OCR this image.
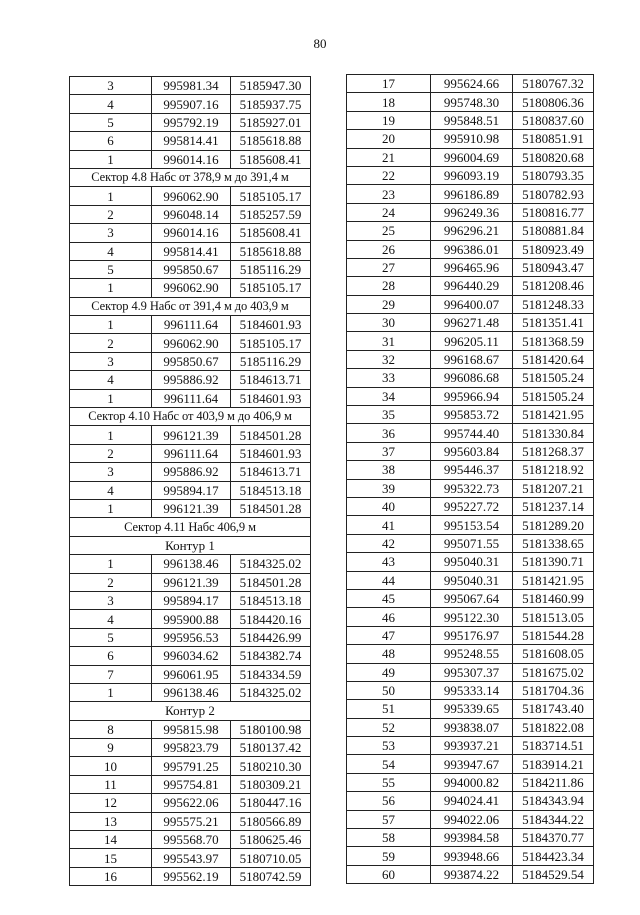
80
3	995981.34	5185947.30
4	995907.16	5185937.75
5	995792.19	5185927.01
6	995814.41	5185618.88
1	996014.16	5185608.41
Сектор 4.8 Набс от 378,9 м до 391,4 м		
1	996062.90	5185105.17
2	996048.14	5185257.59
3	996014.16	5185608.41
4	995814.41	5185618.88
5	995850.67	5185116.29
1	996062.90	5185105.17
Сектор 4.9 Набс от 391,4 м до 403,9 м		
1	996111.64	5184601.93
2	996062.90	5185105.17
3	995850.67	5185116.29
4	995886.92	5184613.71
1	996111.64	5184601.93
Сектор 4.10 Набс от 403,9 м до 406,9 м		
1	996121.39	5184501.28
2	996111.64	5184601.93
3	995886.92	5184613.71
4	995894.17	5184513.18
1	996121.39	5184501.28
Сектор 4.11 Набс 406,9 м		
Контур 1		
1	996138.46	5184325.02
2	996121.39	5184501.28
3	995894.17	5184513.18
4	995900.88	5184420.16
5	995956.53	5184426.99
6	996034.62	5184382.74
7	996061.95	5184334.59
1	996138.46	5184325.02
Контур 2		
8	995815.98	5180100.98
9	995823.79	5180137.42
10	995791.25	5180210.30
11	995754.81	5180309.21
12	995622.06	5180447.16
13	995575.21	5180566.89
14	995568.70	5180625.46
15	995543.97	5180710.05
16	995562.19	5180742.59
17	995624.66	5180767.32
18	995748.30	5180806.36
19	995848.51	5180837.60
20	995910.98	5180851.91
21	996004.69	5180820.68
22	996093.19	5180793.35
23	996186.89	5180782.93
24	996249.36	5180816.77
25	996296.21	5180881.84
26	996386.01	5180923.49
27	996465.96	5180943.47
28	996440.29	5181208.46
29	996400.07	5181248.33
30	996271.48	5181351.41
31	996205.11	5181368.59
32	996168.67	5181420.64
33	996086.68	5181505.24
34	995966.94	5181505.24
35	995853.72	5181421.95
36	995744.40	5181330.84
37	995603.84	5181268.37
38	995446.37	5181218.92
39	995322.73	5181207.21
40	995227.72	5181237.14
41	995153.54	5181289.20
42	995071.55	5181338.65
43	995040.31	5181390.71
44	995040.31	5181421.95
45	995067.64	5181460.99
46	995122.30	5181513.05
47	995176.97	5181544.28
48	995248.55	5181608.05
49	995307.37	5181675.02
50	995333.14	5181704.36
51	995339.65	5181743.40
52	993838.07	5181822.08
53	993937.21	5183714.51
54	993947.67	5183914.21
55	994000.82	5184211.86
56	994024.41	5184343.94
57	994022.06	5184344.22
58	993984.58	5184370.77
59	993948.66	5184423.34
60	993874.22	5184529.54
